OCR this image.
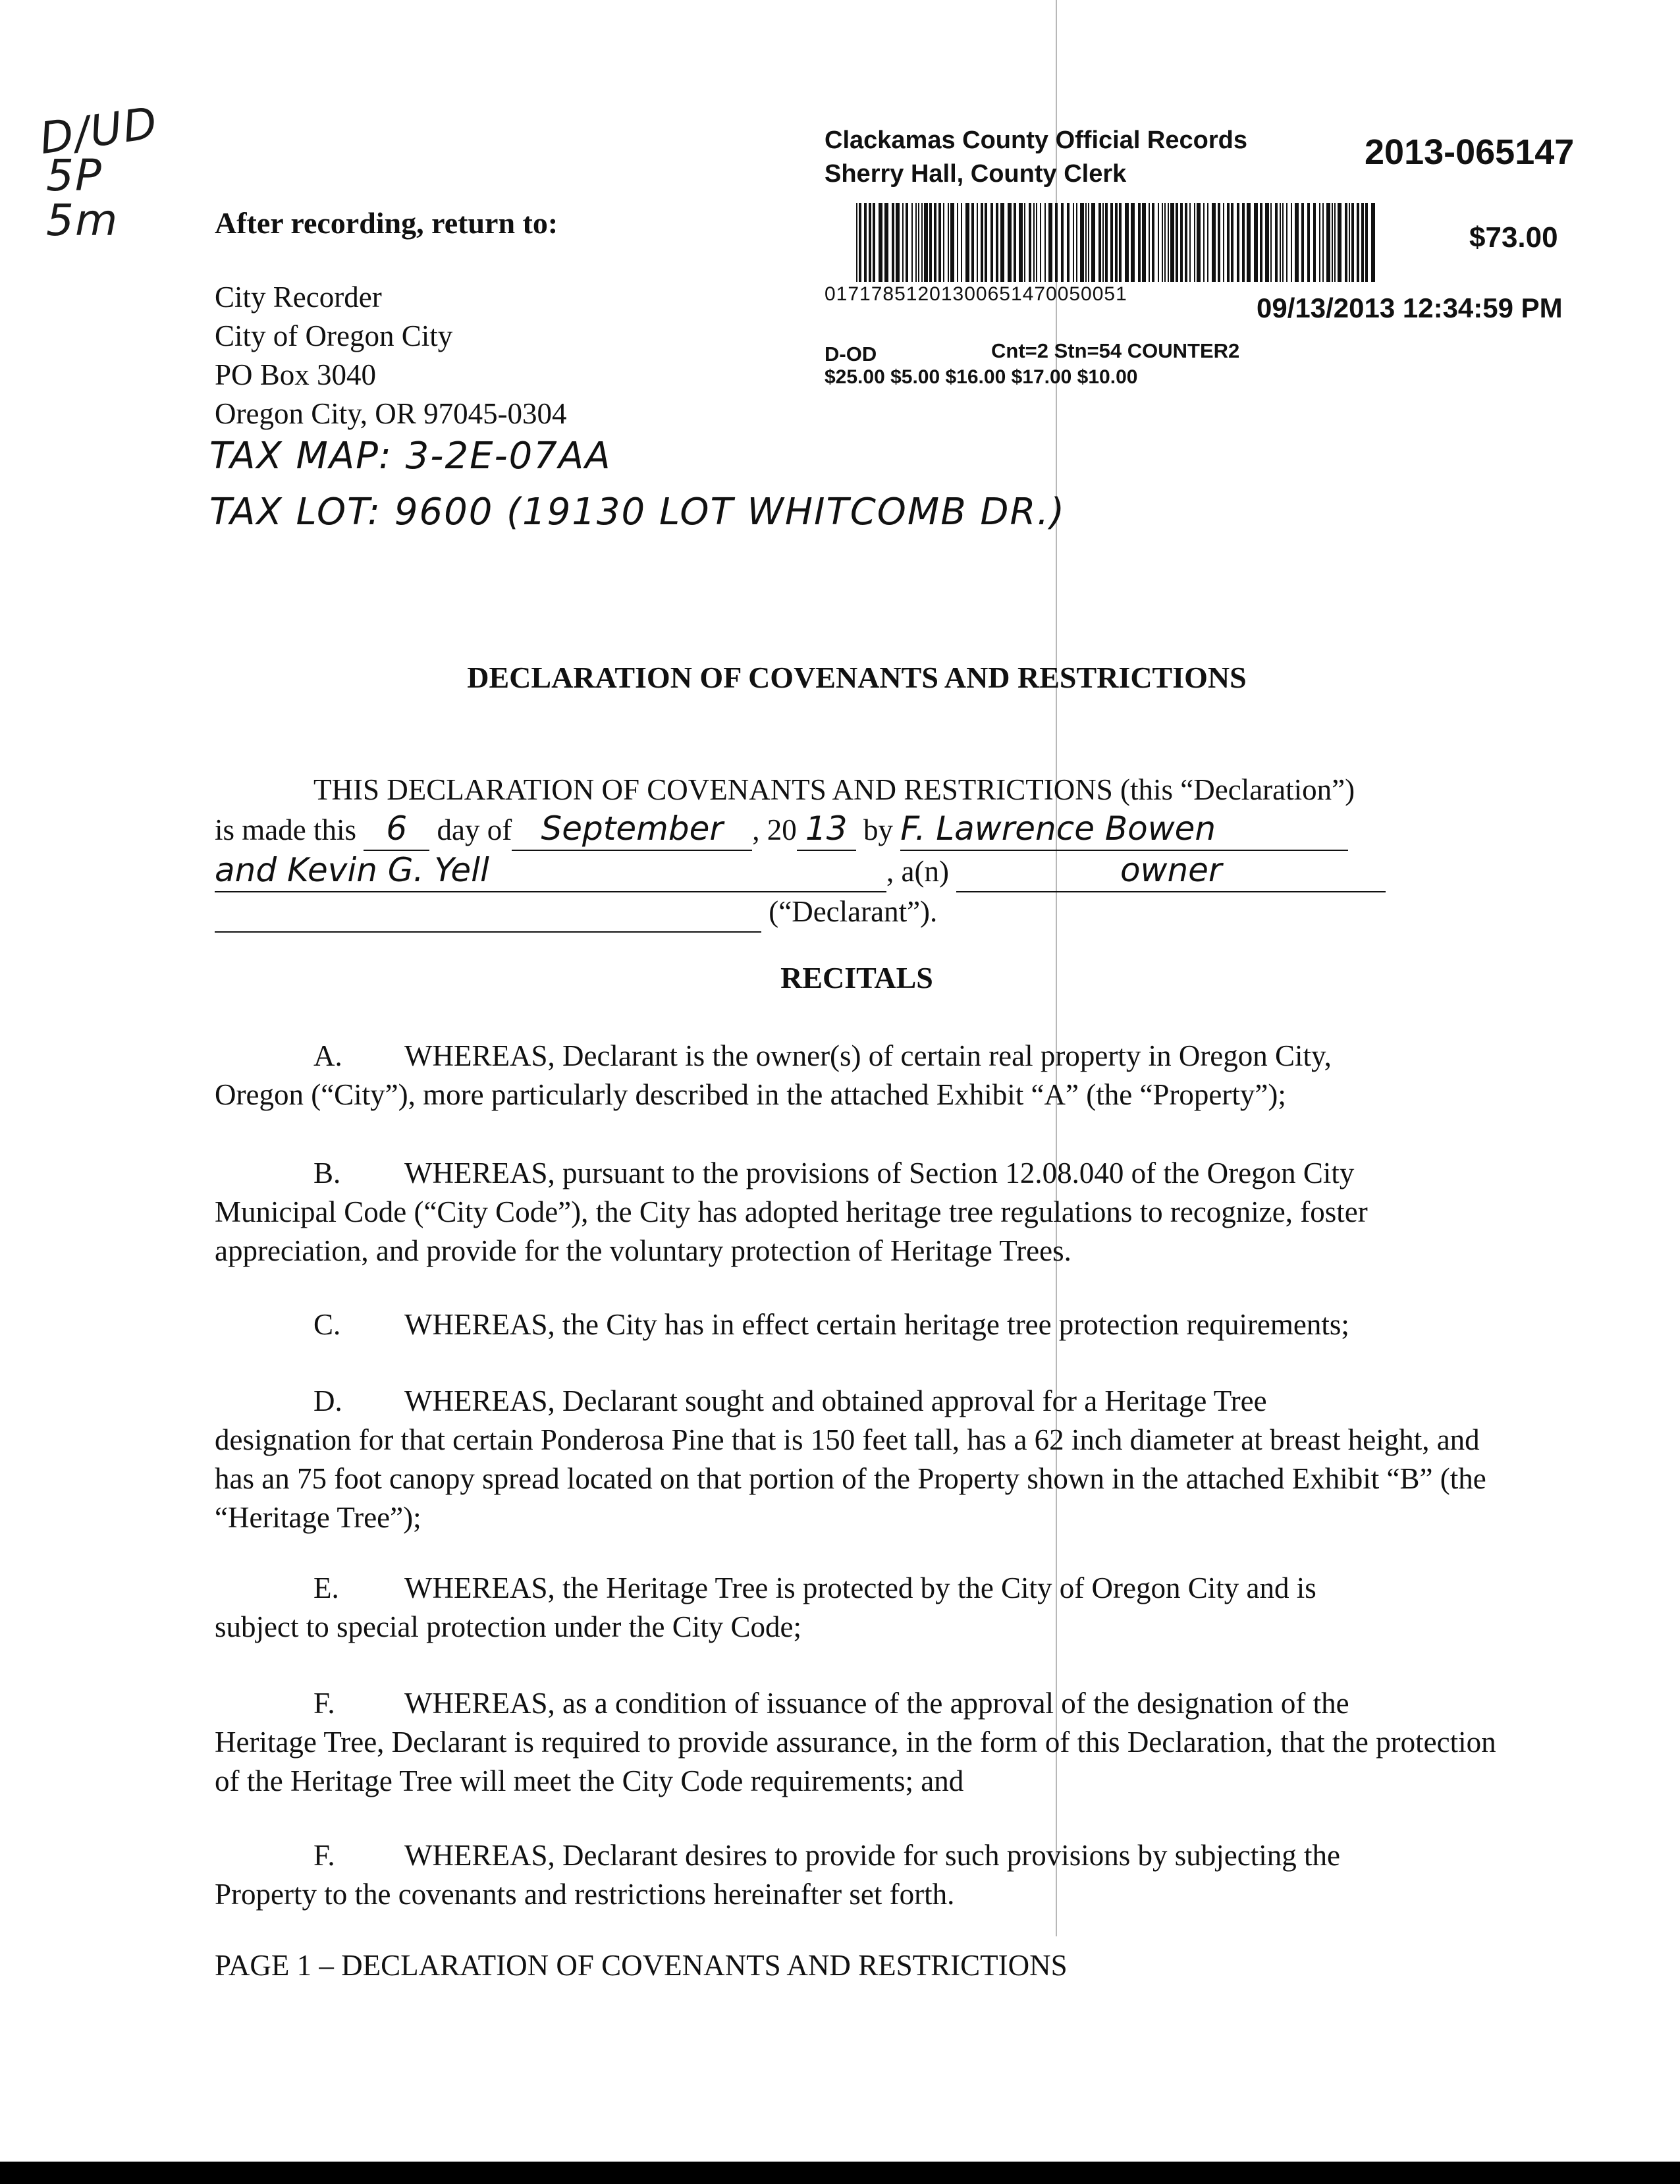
D/UD
5P
5m
Clackamas County Official Records
Sherry Hall, County Clerk
2013-065147
$73.00
01717851201300651470050051	09/13/2013 12:34:59 PM
D-OD	Cnt=2 Stn=54 COUNTER2
$25.00 $5.00 $16.00 $17.00 $10.00
After recording, return to:
City Recorder
City of Oregon City
PO Box 3040
Oregon City, OR 97045-0304
TAX MAP: 3-2E-07AA
TAX LOT: 9600 (19130 LOT WHITCOMB DR.)
DECLARATION OF COVENANTS AND RESTRICTIONS
THIS DECLARATION OF COVENANTS AND RESTRICTIONS (this “Declaration”)
is made this 6 day of September , 20 13 by F. Lawrence Bowen
and Kevin G. Yell	, a(n)	owner
(“Declarant”).
RECITALS
A. WHEREAS, Declarant is the owner(s) of certain real property in Oregon City,
Oregon (“City”), more particularly described in the attached Exhibit “A” (the “Property”);
B. WHEREAS, pursuant to the provisions of Section 12.08.040 of the Oregon City
Municipal Code (“City Code”), the City has adopted heritage tree regulations to recognize, foster appreciation, and provide for the voluntary protection of Heritage Trees.
C. WHEREAS, the City has in effect certain heritage tree protection requirements;
D. WHEREAS, Declarant sought and obtained approval for a Heritage Tree
designation for that certain Ponderosa Pine that is 150 feet tall, has a 62 inch diameter at breast height, and has an 75 foot canopy spread located on that portion of the Property shown in the attached Exhibit “B” (the “Heritage Tree”);
E. WHEREAS, the Heritage Tree is protected by the City of Oregon City and is
subject to special protection under the City Code;
F. WHEREAS, as a condition of issuance of the approval of the designation of the
Heritage Tree, Declarant is required to provide assurance, in the form of this Declaration, that the protection of the Heritage Tree will meet the City Code requirements; and
F. WHEREAS, Declarant desires to provide for such provisions by subjecting the
Property to the covenants and restrictions hereinafter set forth.
PAGE 1 – DECLARATION OF COVENANTS AND RESTRICTIONS
